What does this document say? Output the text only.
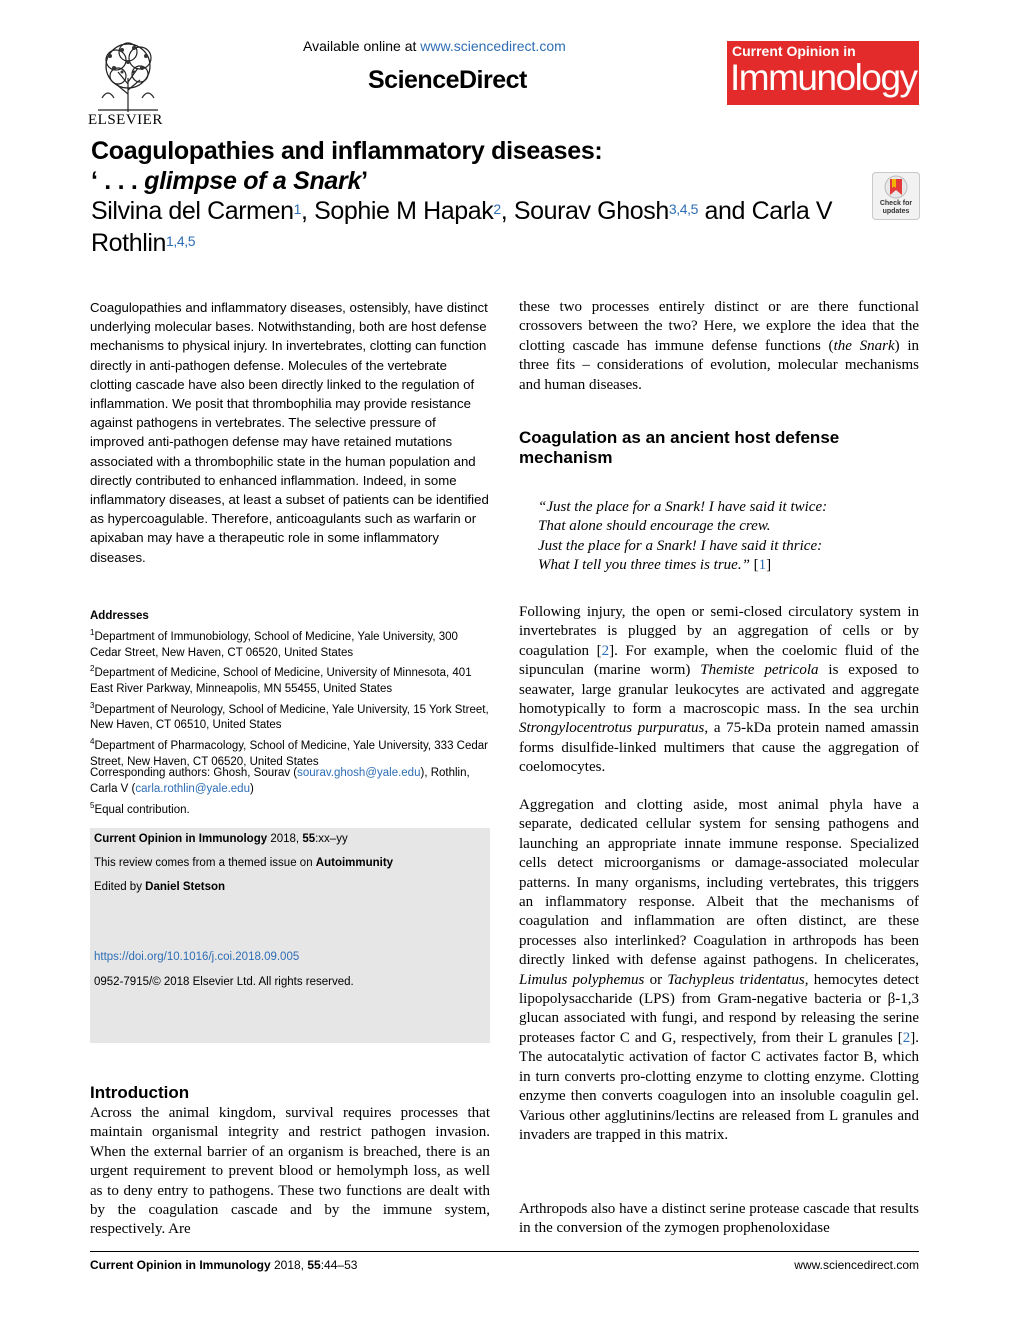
ELSEVIER
Available online at www.sciencedirect.com
ScienceDirect
Current Opinion in
Immunology
Coagulopathies and inflammatory diseases:
‘ . . . glimpse of a Snark’
Silvina del Carmen$^1$, Sophie M Hapak$^2$, Sourav Ghosh$^{3,4,5}$ and Carla V Rothlin$^{1,4,5}$
Check for updates
Coagulopathies and inflammatory diseases, ostensibly, have distinct underlying molecular bases. Notwithstanding, both are host defense mechanisms to physical injury. In invertebrates, clotting can function directly in anti-pathogen defense. Molecules of the vertebrate clotting cascade have also been directly linked to the regulation of inflammation. We posit that thrombophilia may provide resistance against pathogens in vertebrates. The selective pressure of improved anti-pathogen defense may have retained mutations associated with a thrombophilic state in the human population and directly contributed to enhanced inflammation. Indeed, in some inflammatory diseases, at least a subset of patients can be identified as hypercoagulable. Therefore, anticoagulants such as warfarin or apixaban may have a therapeutic role in some inflammatory diseases.
Addresses
$^1$Department of Immunobiology, School of Medicine, Yale University, 300 Cedar Street, New Haven, CT 06520, United States
$^2$Department of Medicine, School of Medicine, University of Minnesota, 401 East River Parkway, Minneapolis, MN 55455, United States
$^3$Department of Neurology, School of Medicine, Yale University, 15 York Street, New Haven, CT 06510, United States
$^4$Department of Pharmacology, School of Medicine, Yale University, 333 Cedar Street, New Haven, CT 06520, United States
Corresponding authors: Ghosh, Sourav (sourav.ghosh@yale.edu), Rothlin, Carla V (carla.rothlin@yale.edu)
$^5$Equal contribution.
Current Opinion in Immunology 2018, 55:xx–yy
This review comes from a themed issue on Autoimmunity
Edited by Daniel Stetson
https://doi.org/10.1016/j.coi.2018.09.005
0952-7915/© 2018 Elsevier Ltd. All rights reserved.
Introduction
Across the animal kingdom, survival requires processes that maintain organismal integrity and restrict pathogen invasion. When the external barrier of an organism is breached, there is an urgent requirement to prevent blood or hemolymph loss, as well as to deny entry to pathogens. These two functions are dealt with by the coagulation cascade and by the immune system, respectively. Are
these two processes entirely distinct or are there functional crossovers between the two? Here, we explore the idea that the clotting cascade has immune defense functions (the Snark) in three fits – considerations of evolution, molecular mechanisms and human diseases.
Coagulation as an ancient host defense mechanism
“Just the place for a Snark! I have said it twice:
That alone should encourage the crew.
Just the place for a Snark! I have said it thrice:
What I tell you three times is true.” [1]
Following injury, the open or semi-closed circulatory system in invertebrates is plugged by an aggregation of cells or by coagulation [2]. For example, when the coelomic fluid of the sipunculan (marine worm) Themiste petricola is exposed to seawater, large granular leukocytes are activated and aggregate homotypically to form a macroscopic mass. In the sea urchin Strongylocentrotus purpuratus, a 75-kDa protein named amassin forms disulfide-linked multimers that cause the aggregation of coelomocytes.
Aggregation and clotting aside, most animal phyla have a separate, dedicated cellular system for sensing pathogens and launching an appropriate innate immune response. Specialized cells detect microorganisms or damage-associated molecular patterns. In many organisms, including vertebrates, this triggers an inflammatory response. Albeit that the mechanisms of coagulation and inflammation are often distinct, are these processes also interlinked? Coagulation in arthropods has been directly linked with defense against pathogens. In chelicerates, Limulus polyphemus or Tachypleus tridentatus, hemocytes detect lipopolysaccharide (LPS) from Gram-negative bacteria or β-1,3 glucan associated with fungi, and respond by releasing the serine proteases factor C and G, respectively, from their L granules [2]. The autocatalytic activation of factor C activates factor B, which in turn converts pro-clotting enzyme to clotting enzyme. Clotting enzyme then converts coagulogen into an insoluble coagulin gel. Various other agglutinins/lectins are released from L granules and invaders are trapped in this matrix.
Arthropods also have a distinct serine protease cascade that results in the conversion of the zymogen prophenoloxidase
Current Opinion in Immunology 2018, 55:44–53	www.sciencedirect.com
